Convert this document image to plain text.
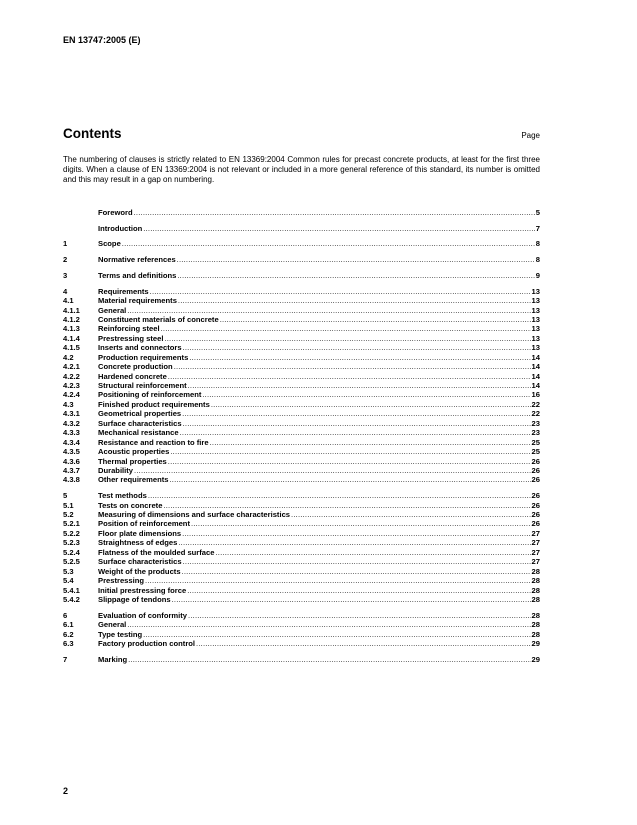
EN 13747:2005 (E)
Contents	Page
The numbering of clauses is strictly related to EN 13369:2004 Common rules for precast concrete products, at least for the first three digits. When a clause of EN 13369:2004 is not relevant or included in a more general reference of this standard, its number is omitted and this may result in a gap on numbering.
Foreword .....	5
Introduction .....	7
1	Scope .....	8
2	Normative references .....	8
3	Terms and definitions .....	9
4	Requirements .....	13
4.1	Material requirements .....	13
4.1.1	General .....	13
4.1.2	Constituent materials of concrete .....	13
4.1.3	Reinforcing steel .....	13
4.1.4	Prestressing steel .....	13
4.1.5	Inserts and connectors .....	13
4.2	Production requirements .....	14
4.2.1	Concrete production .....	14
4.2.2	Hardened concrete .....	14
4.2.3	Structural reinforcement .....	14
4.2.4	Positioning of reinforcement .....	16
4.3	Finished product requirements .....	22
4.3.1	Geometrical properties .....	22
4.3.2	Surface characteristics .....	23
4.3.3	Mechanical resistance .....	23
4.3.4	Resistance and reaction to fire .....	25
4.3.5	Acoustic properties .....	25
4.3.6	Thermal properties .....	26
4.3.7	Durability .....	26
4.3.8	Other requirements .....	26
5	Test methods .....	26
5.1	Tests on concrete .....	26
5.2	Measuring of dimensions and surface characteristics .....	26
5.2.1	Position of reinforcement .....	26
5.2.2	Floor plate dimensions .....	27
5.2.3	Straightness of edges .....	27
5.2.4	Flatness of the moulded surface .....	27
5.2.5	Surface characteristics .....	27
5.3	Weight of the products .....	28
5.4	Prestressing .....	28
5.4.1	Initial prestressing force .....	28
5.4.2	Slippage of tendons .....	28
6	Evaluation of conformity .....	28
6.1	General .....	28
6.2	Type testing .....	28
6.3	Factory production control .....	29
7	Marking .....	29
2
